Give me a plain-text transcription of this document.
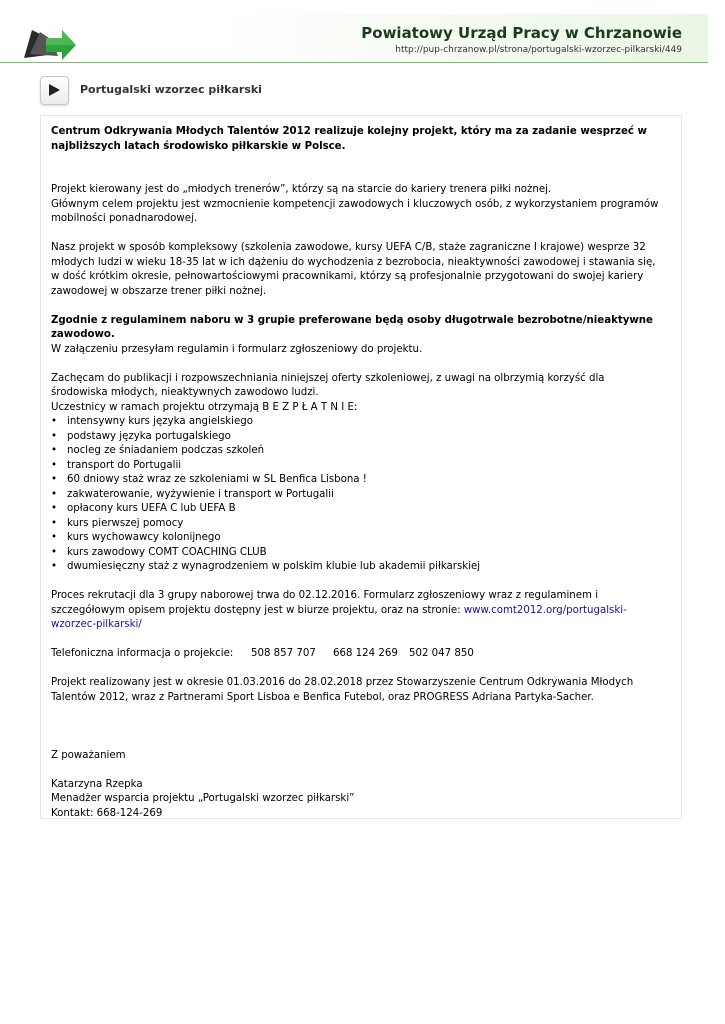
Powiatowy Urząd Pracy w Chrzanowie
http://pup-chrzanow.pl/strona/portugalski-wzorzec-pilkarski/449
Portugalski wzorzec piłkarski

Centrum Odkrywania Młodych Talentów 2012 realizuje kolejny projekt, który ma za zadanie wesprzeć w najbliższych latach środowisko piłkarskie w Polsce.

Projekt kierowany jest do „młodych trenerów”, którzy są na starcie do kariery trenera piłki nożnej.

Głównym celem projektu jest wzmocnienie kompetencji zawodowych i kluczowych osób, z wykorzystaniem programów mobilności ponadnarodowej.

Nasz projekt w sposób kompleksowy (szkolenia zawodowe, kursy UEFA C/B, staże zagraniczne I krajowe) wesprze 32 młodych ludzi w wieku 18-35 lat w ich dążeniu do wychodzenia z bezrobocia, nieaktywności zawodowej i stawania się, w dość krótkim okresie, pełnowartościowymi pracownikami, którzy są profesjonalnie przygotowani do swojej kariery zawodowej w obszarze trener piłki nożnej.

Zgodnie z regulaminem naboru w 3 grupie preferowane będą osoby długotrwale bezrobotne/nieaktywne zawodowo.

W załączeniu przesyłam regulamin i formularz zgłoszeniowy do projektu.

Zachęcam do publikacji i rozpowszechniania niniejszej oferty szkoleniowej, z uwagi na olbrzymią korzyść dla środowiska młodych, nieaktywnych zawodowo ludzi.

Uczestnicy w ramach projektu otrzymają B E Z P Ł A T N I E:

• intensywny kurs języka angielskiego
• podstawy języka portugalskiego
• nocleg ze śniadaniem podczas szkoleń
• transport do Portugalii
• 60 dniowy staż wraz ze szkoleniami w SL Benfica Lisbona !
• zakwaterowanie, wyżywienie i transport w Portugalii
• opłacony kurs UEFA C lub UEFA B
• kurs pierwszej pomocy
• kurs wychowawcy kolonijnego
• kurs zawodowy COMT COACHING CLUB
• dwumiesięczny staż z wynagrodzeniem w polskim klubie lub akademii piłkarskiej

Proces rekrutacji dla 3 grupy naborowej trwa do 02.12.2016. Formularz zgłoszeniowy wraz z regulaminem i szczegółowym opisem projektu dostępny jest w biurze projektu, oraz na stronie: www.comt2012.org/portugalski-wzorzec-pilkarski/

Telefoniczna informacja o projekcie: 508 857 707 668 124 269 502 047 850

Projekt realizowany jest w okresie 01.03.2016 do 28.02.2018 przez Stowarzyszenie Centrum Odkrywania Młodych Talentów 2012, wraz z Partnerami Sport Lisboa e Benfica Futebol, oraz PROGRESS Adriana Partyka-Sacher.

Z poważaniem

Katarzyna Rzepka

Menadżer wsparcia projektu „Portugalski wzorzec piłkarski”

Kontakt: 668-124-269
